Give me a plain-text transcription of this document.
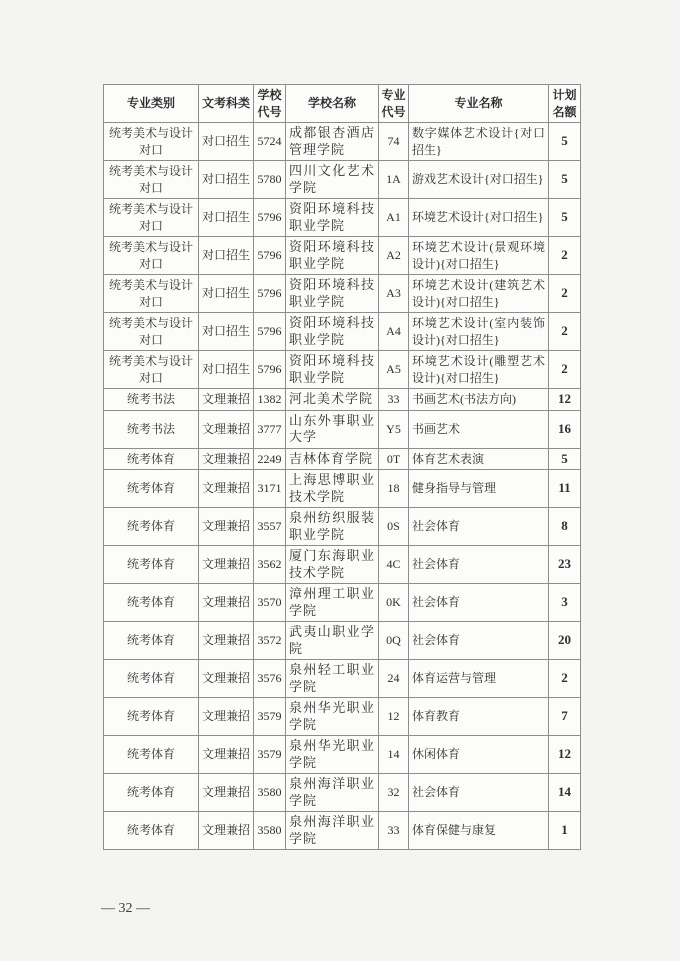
专业类别	文考科类	学校代号	学校名称	专业代号	专业名称	计划名额
统考美术与设计对口	对口招生	5724	成都银杏酒店管理学院	74	数字媒体艺术设计{对口招生}	5
统考美术与设计对口	对口招生	5780	四川文化艺术学院	1A	游戏艺术设计{对口招生}	5
统考美术与设计对口	对口招生	5796	资阳环境科技职业学院	A1	环境艺术设计{对口招生}	5
统考美术与设计对口	对口招生	5796	资阳环境科技职业学院	A2	环境艺术设计(景观环境设计){对口招生}	2
统考美术与设计对口	对口招生	5796	资阳环境科技职业学院	A3	环境艺术设计(建筑艺术设计){对口招生}	2
统考美术与设计对口	对口招生	5796	资阳环境科技职业学院	A4	环境艺术设计(室内装饰设计){对口招生}	2
统考美术与设计对口	对口招生	5796	资阳环境科技职业学院	A5	环境艺术设计(雕塑艺术设计){对口招生}	2
统考书法	文理兼招	1382	河北美术学院	33	书画艺术(书法方向)	12
统考书法	文理兼招	3777	山东外事职业大学	Y5	书画艺术	16
统考体育	文理兼招	2249	吉林体育学院	0T	体育艺术表演	5
统考体育	文理兼招	3171	上海思博职业技术学院	18	健身指导与管理	11
统考体育	文理兼招	3557	泉州纺织服装职业学院	0S	社会体育	8
统考体育	文理兼招	3562	厦门东海职业技术学院	4C	社会体育	23
统考体育	文理兼招	3570	漳州理工职业学院	0K	社会体育	3
统考体育	文理兼招	3572	武夷山职业学院	0Q	社会体育	20
统考体育	文理兼招	3576	泉州轻工职业学院	24	体育运营与管理	2
统考体育	文理兼招	3579	泉州华光职业学院	12	体育教育	7
统考体育	文理兼招	3579	泉州华光职业学院	14	休闲体育	12
统考体育	文理兼招	3580	泉州海洋职业学院	32	社会体育	14
统考体育	文理兼招	3580	泉州海洋职业学院	33	体育保健与康复	1
— 32 —
